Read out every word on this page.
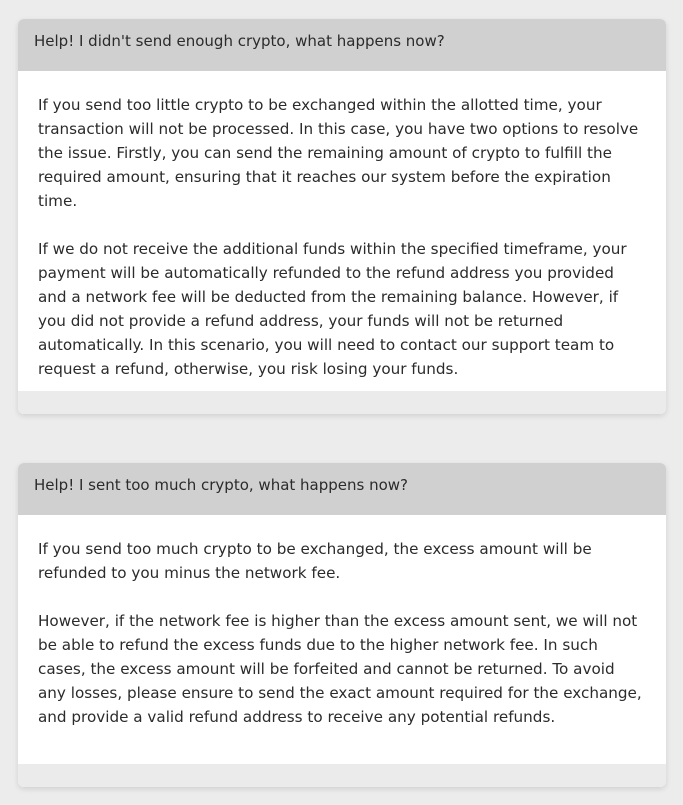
Help! I didn't send enough crypto, what happens now?

If you send too little crypto to be exchanged within the allotted time, your transaction will not be processed. In this case, you have two options to resolve the issue. Firstly, you can send the remaining amount of crypto to fulfill the required amount, ensuring that it reaches our system before the expiration time.

If we do not receive the additional funds within the specified timeframe, your payment will be automatically refunded to the refund address you provided and a network fee will be deducted from the remaining balance. However, if you did not provide a refund address, your funds will not be returned automatically. In this scenario, you will need to contact our support team to request a refund, otherwise, you risk losing your funds.

Help! I sent too much crypto, what happens now?

If you send too much crypto to be exchanged, the excess amount will be refunded to you minus the network fee.

However, if the network fee is higher than the excess amount sent, we will not be able to refund the excess funds due to the higher network fee. In such cases, the excess amount will be forfeited and cannot be returned. To avoid any losses, please ensure to send the exact amount required for the exchange, and provide a valid refund address to receive any potential refunds.
